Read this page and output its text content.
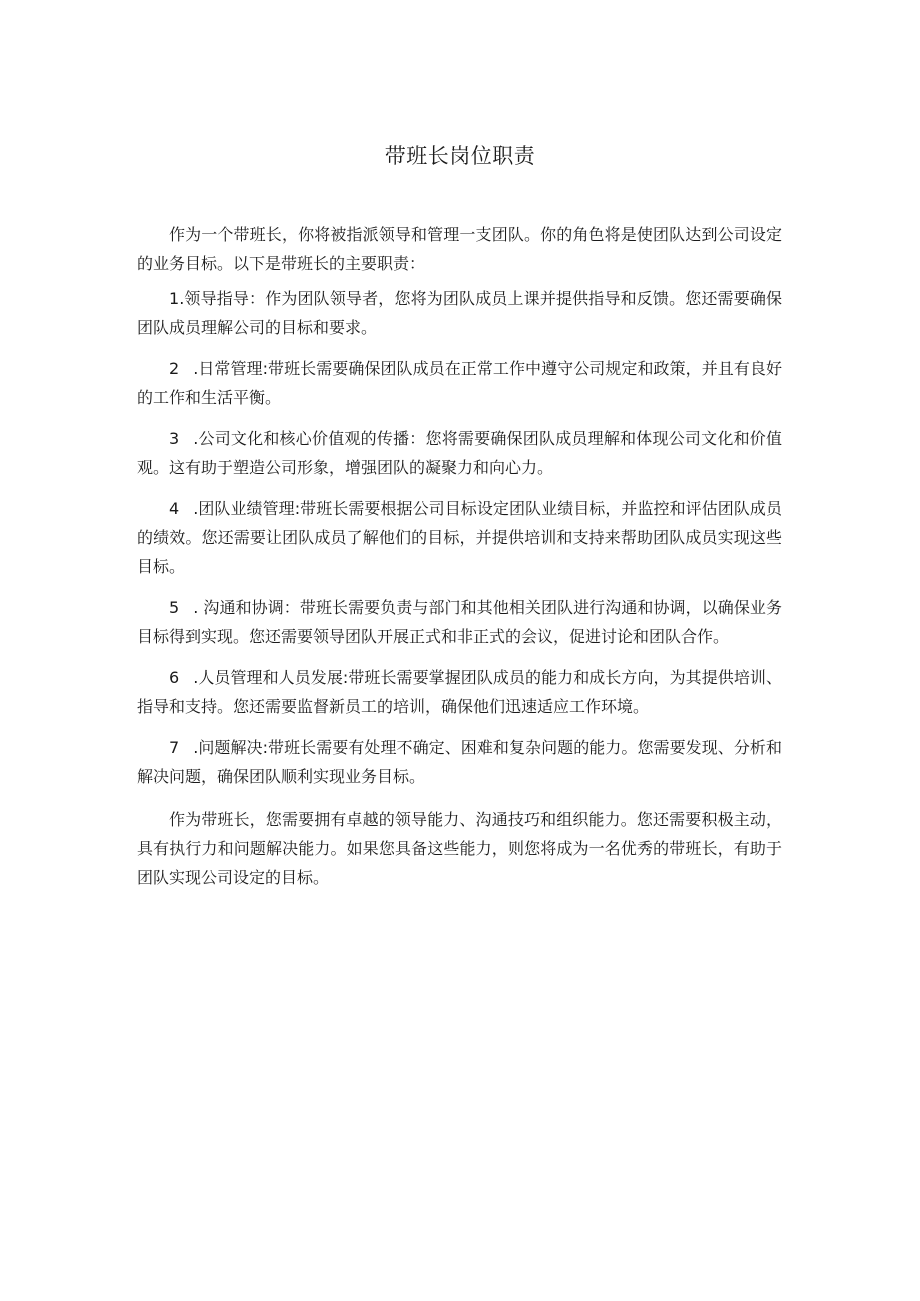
带班长岗位职责

作为一个带班长，你将被指派领导和管理一支团队。你的角色将是使团队达到公司设定的业务目标。以下是带班长的主要职责：

1.领导指导：作为团队领导者，您将为团队成员上课并提供指导和反馈。您还需要确保团队成员理解公司的目标和要求。

2 .日常管理:带班长需要确保团队成员在正常工作中遵守公司规定和政策，并且有良好的工作和生活平衡。

3 .公司文化和核心价值观的传播：您将需要确保团队成员理解和体现公司文化和价值观。这有助于塑造公司形象，增强团队的凝聚力和向心力。

4 .团队业绩管理:带班长需要根据公司目标设定团队业绩目标，并监控和评估团队成员的绩效。您还需要让团队成员了解他们的目标，并提供培训和支持来帮助团队成员实现这些目标。

5 . 沟通和协调：带班长需要负责与部门和其他相关团队进行沟通和协调，以确保业务目标得到实现。您还需要领导团队开展正式和非正式的会议，促进讨论和团队合作。

6 .人员管理和人员发展:带班长需要掌握团队成员的能力和成长方向，为其提供培训、指导和支持。您还需要监督新员工的培训，确保他们迅速适应工作环境。

7 .问题解决:带班长需要有处理不确定、困难和复杂问题的能力。您需要发现、分析和解决问题，确保团队顺利实现业务目标。

作为带班长，您需要拥有卓越的领导能力、沟通技巧和组织能力。您还需要积极主动，具有执行力和问题解决能力。如果您具备这些能力，则您将成为一名优秀的带班长，有助于团队实现公司设定的目标。
